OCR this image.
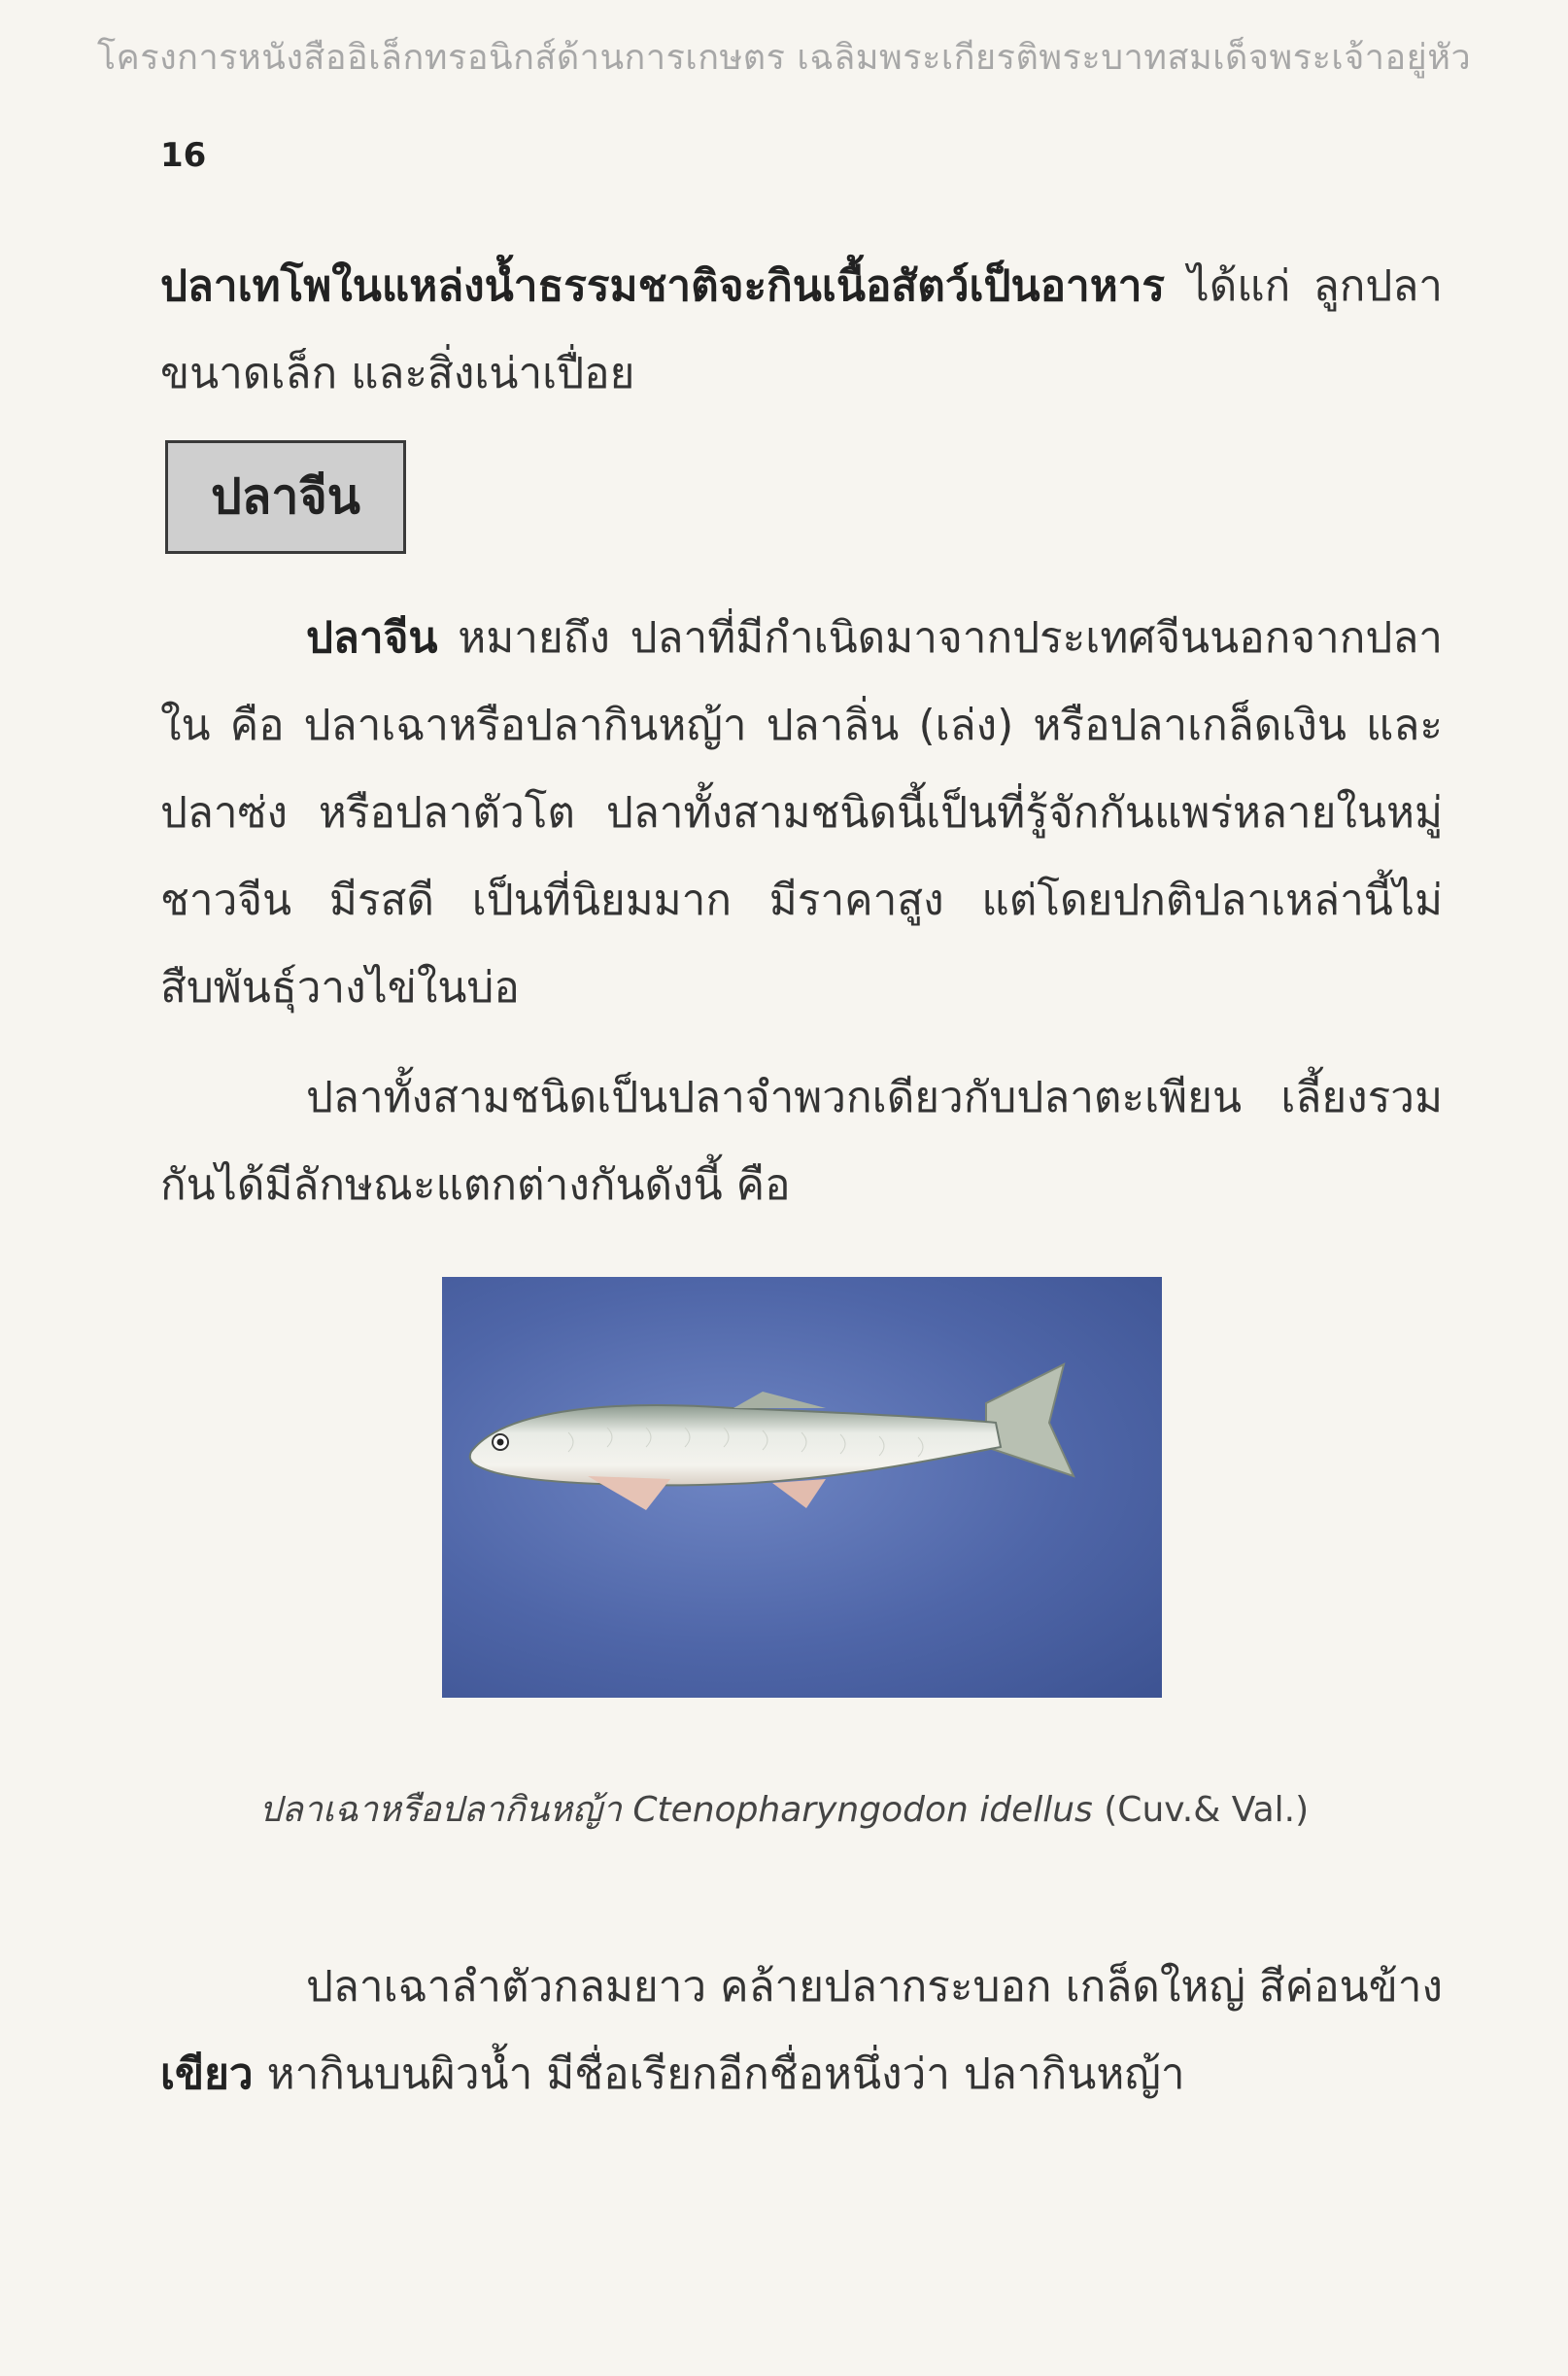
โครงการหนังสืออิเล็กทรอนิกส์ด้านการเกษตร เฉลิมพระเกียรติพระบาทสมเด็จพระเจ้าอยู่หัว
16
ปลาเทโพในแหล่งน้ำธรรมชาติจะกินเนื้อสัตว์เป็นอาหาร ได้แก่ ลูกปลาขนาดเล็ก และสิ่งเน่าเปื่อย
ปลาจีน
ปลาจีน หมายถึง ปลาที่มีกำเนิดมาจากประเทศจีนนอกจากปลาใน คือ ปลาเฉาหรือปลากินหญ้า ปลาลิ่น (เล่ง) หรือปลาเกล็ดเงิน และปลาซ่ง หรือปลาตัวโต ปลาทั้งสามชนิดนี้เป็นที่รู้จักกันแพร่หลายในหมู่ชาวจีน มีรสดี เป็นที่นิยมมาก มีราคาสูง แต่โดยปกติปลาเหล่านี้ไม่สืบพันธุ์วางไข่ในบ่อ
ปลาทั้งสามชนิดเป็นปลาจำพวกเดียวกับปลาตะเพียน เลี้ยงรวมกันได้มีลักษณะแตกต่างกันดังนี้ คือ
ปลาเฉาหรือปลากินหญ้า Ctenopharyngodon idellus (Cuv.& Val.)
ปลาเฉาลำตัวกลมยาว คล้ายปลากระบอก เกล็ดใหญ่ สีค่อนข้างเขียว หากินบนผิวน้ำ มีชื่อเรียกอีกชื่อหนึ่งว่า ปลากินหญ้า
